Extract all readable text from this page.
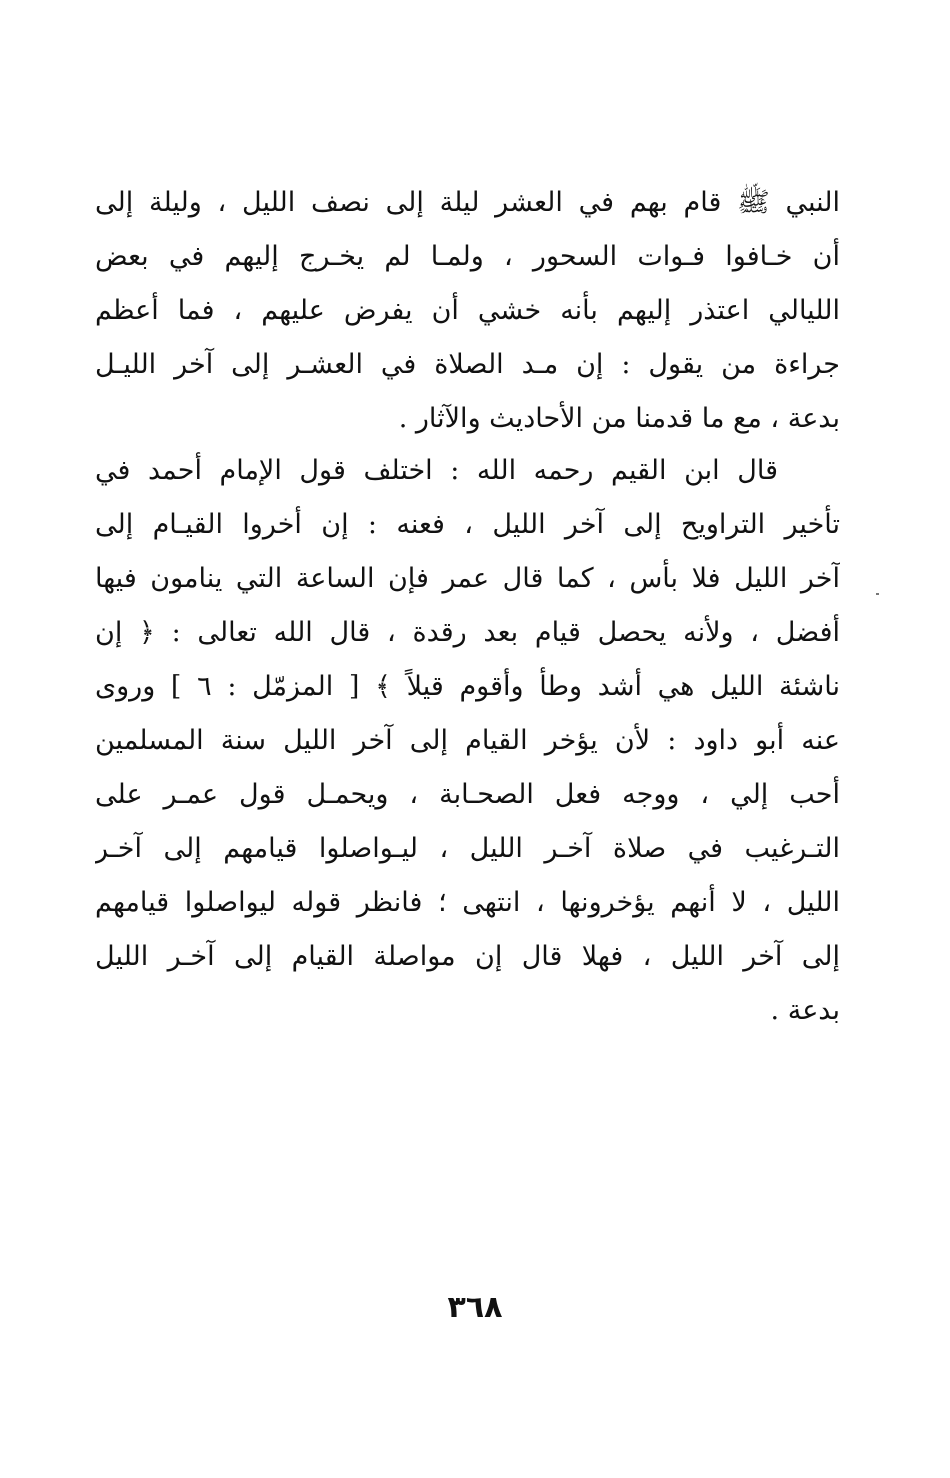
النبي ﷺ قام بهم في العشر ليلة إلى نصف الليل ، وليلة إلى
أن خـافوا فـوات السحور ، ولمـا لم يخـرج إليهم في بعض
الليالي اعتذر إليهم بأنه خشي أن يفرض عليهم ، فما أعظم
جراءة من يقول : إن مـد الصلاة في العشـر إلى آخر الليـل
بدعة ، مع ما قدمنا من الأحاديث والآثار .
قال ابن القيم رحمه الله : اختلف قول الإمام أحمد في
تأخير التراويح إلى آخر الليل ، فعنه : إن أخروا القيـام إلى
آخر الليل فلا بأس ، كما قال عمر فإن الساعة التي ينامون فيها
أفضل ، ولأنه يحصل قيام بعد رقدة ، قال الله تعالى : ﴿ إن
ناشئة الليل هي أشد وطأ وأقوم قيلاً ﴾ [ المزمّل : ٦ ] وروى
عنه أبو داود : لأن يؤخر القيام إلى آخر الليل سنة المسلمين
أحب إلي ، ووجه فعل الصحـابة ، ويحمـل قول عمـر على
التـرغيب في صلاة آخـر الليل ، ليـواصلوا قيامهم إلى آخـر
الليل ، لا أنهم يؤخرونها ، انتهى ؛ فانظر قوله ليواصلوا قيامهم
إلى آخر الليل ، فهلا قال إن مواصلة القيام إلى آخـر الليل
بدعة .
٣٦٨
